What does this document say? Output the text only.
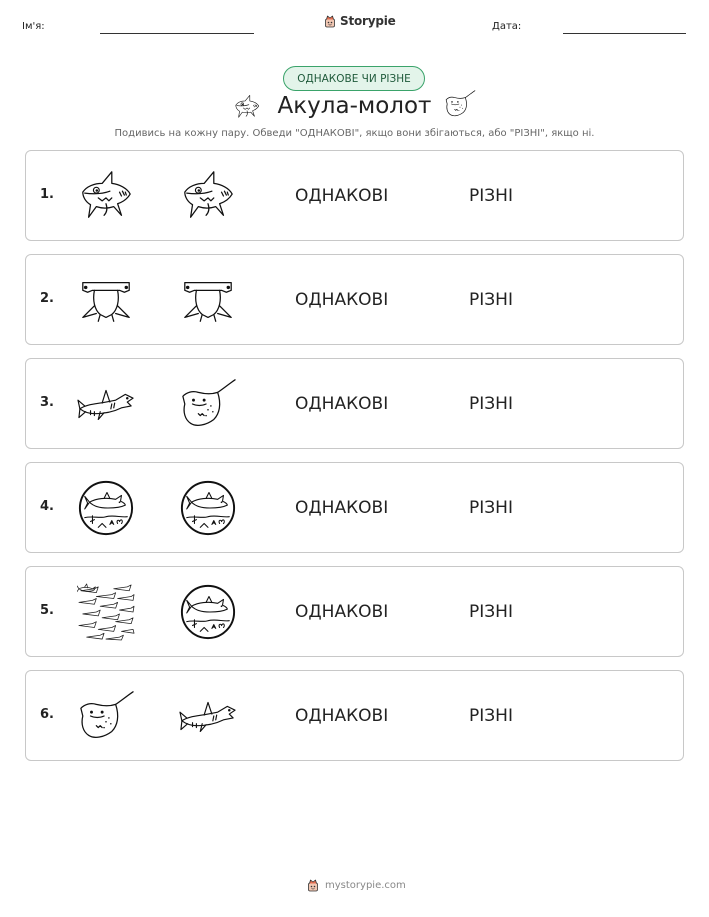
Ім'я:	Storypie	Дата:
ОДНАКОВЕ ЧИ РІЗНЕ
Акула-молот
Подивись на кожну пару. Обведи "ОДНАКОВІ", якщо вони збігаються, або "РІЗНІ", якщо ні.
1.	ОДНАКОВІ	РІЗНІ
2.	ОДНАКОВІ	РІЗНІ
3.	ОДНАКОВІ	РІЗНІ
4.	ОДНАКОВІ	РІЗНІ
5.	ОДНАКОВІ	РІЗНІ
6.	ОДНАКОВІ	РІЗНІ
mystorypie.com
